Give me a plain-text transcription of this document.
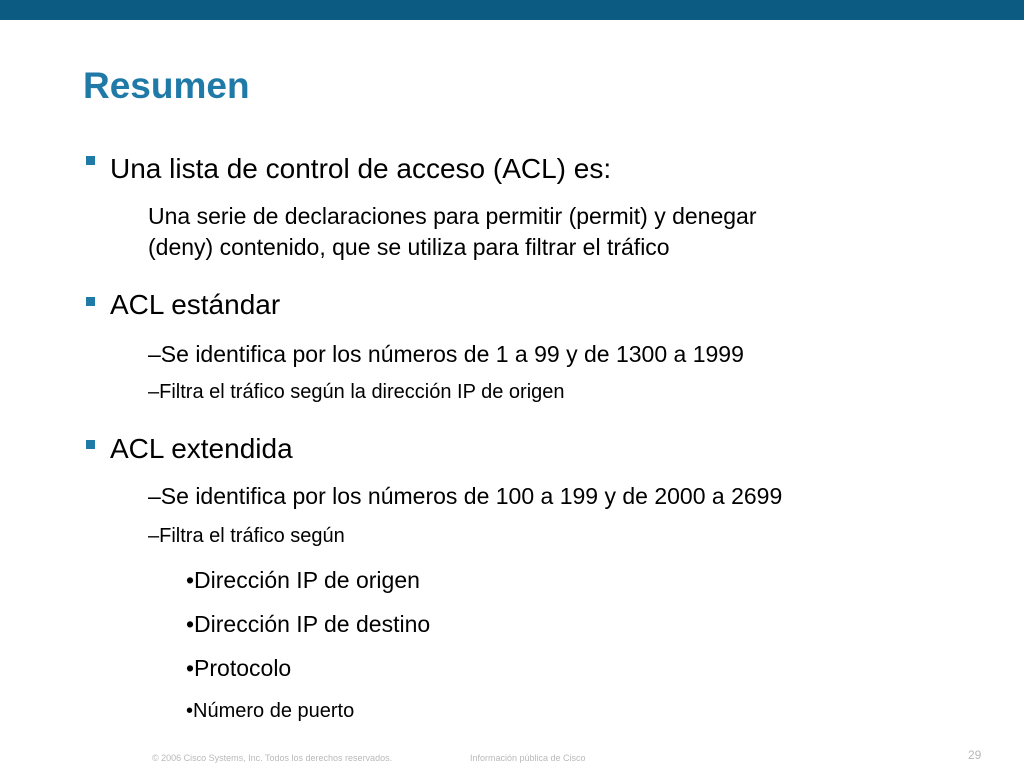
Resumen
Una lista de control de acceso (ACL) es:
Una serie de declaraciones para permitir (permit) y denegar
(deny) contenido, que se utiliza para filtrar el tráfico
ACL estándar
–Se identifica por los números de 1 a 99 y de 1300 a 1999
–Filtra el tráfico según la dirección IP de origen
ACL extendida
–Se identifica por los números de 100 a 199 y de 2000 a 2699
–Filtra el tráfico según
•Dirección IP de origen
•Dirección IP de destino
•Protocolo
•Número de puerto
© 2006 Cisco Systems, Inc. Todos los derechos reservados.	Información pública de Cisco	29
